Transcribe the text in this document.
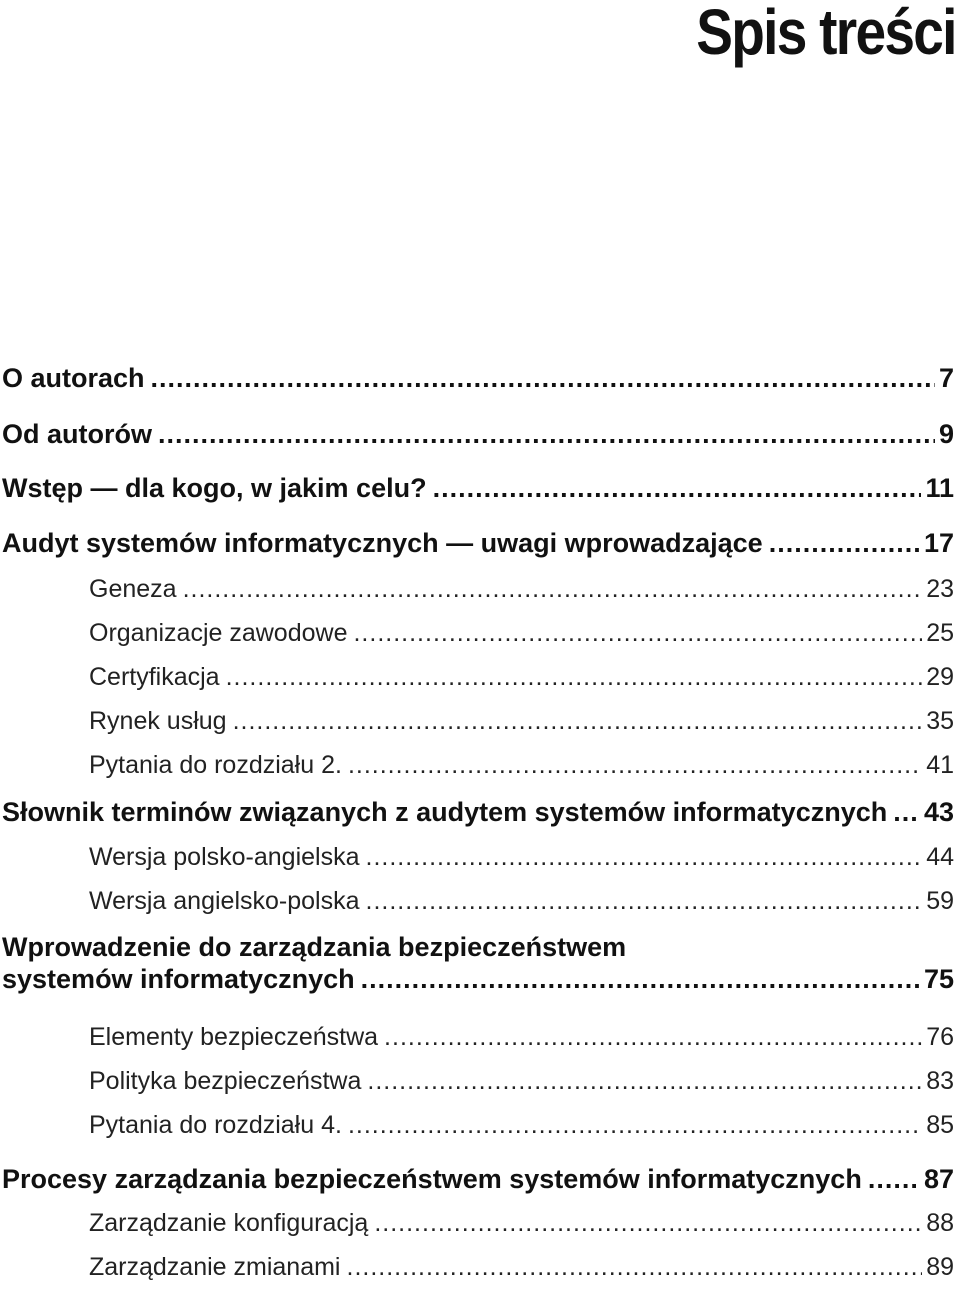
Spis treści
O autorach .....	7
Od autorów .....	9
Wstęp — dla kogo, w jakim celu? .....	11
Audyt systemów informatycznych — uwagi wprowadzające .....	17
Geneza .....	23
Organizacje zawodowe .....	25
Certyfikacja .....	29
Rynek usług .....	35
Pytania do rozdziału 2. .....	41
Słownik terminów związanych z audytem systemów informatycznych ..... 43
Wersja polsko-angielska .....	44
Wersja angielsko-polska .....	59
Wprowadzenie do zarządzania bezpieczeństwem
systemów informatycznych .....	75
Elementy bezpieczeństwa .....	76
Polityka bezpieczeństwa .....	83
Pytania do rozdziału 4. .....	85
Procesy zarządzania bezpieczeństwem systemów informatycznych ..... 87
Zarządzanie konfiguracją .....	88
Zarządzanie zmianami .....	89
